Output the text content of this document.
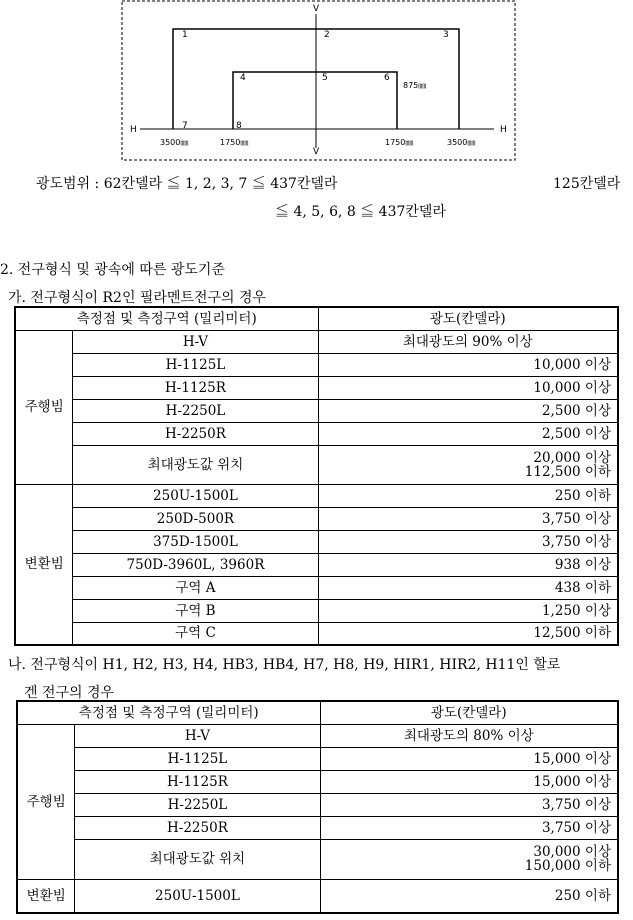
V
V
H	H
1	2	3
4	5	6
7	8
875㎜
3500㎜	1750㎜	1750㎜	3500㎜
광도범위 : 62칸델라 ≦ 1, 2, 3, 7 ≦ 437칸델라	125칸델라
≦ 4, 5, 6, 8 ≦ 437칸델라
2. 전구형식 및 광속에 따른 광도기준
가. 전구형식이 R2인 필라멘트전구의 경우
측정점 및 측정구역 (밀리미터)		광도(칸델라)
주행빔	H-V	최대광도의 90% 이상
	H-1125L	10,000 이상
	H-1125R	10,000 이상
	H-2250L	2,500 이상
	H-2250R	2,500 이상
	최대광도값 위치	20,000 이상
112,500 이하

변환빔	250U-1500L	250 이하
	250D-500R	3,750 이상
	375D-1500L	3,750 이상
	750D-3960L, 3960R	938 이상
	구역 A	438 이하
	구역 B	1,250 이상
	구역 C	12,500 이하
나. 전구형식이 H1, H2, H3, H4, HB3, HB4, H7, H8, H9, HIR1, HIR2, H11인 할로
겐 전구의 경우
측정점 및 측정구역 (밀리미터)		광도(칸델라)
주행빔	H-V	최대광도의 80% 이상
	H-1125L	15,000 이상
	H-1125R	15,000 이상
	H-2250L	3,750 이상
	H-2250R	3,750 이상
	최대광도값 위치	30,000 이상
150,000 이하

변환빔	250U-1500L	250 이하
